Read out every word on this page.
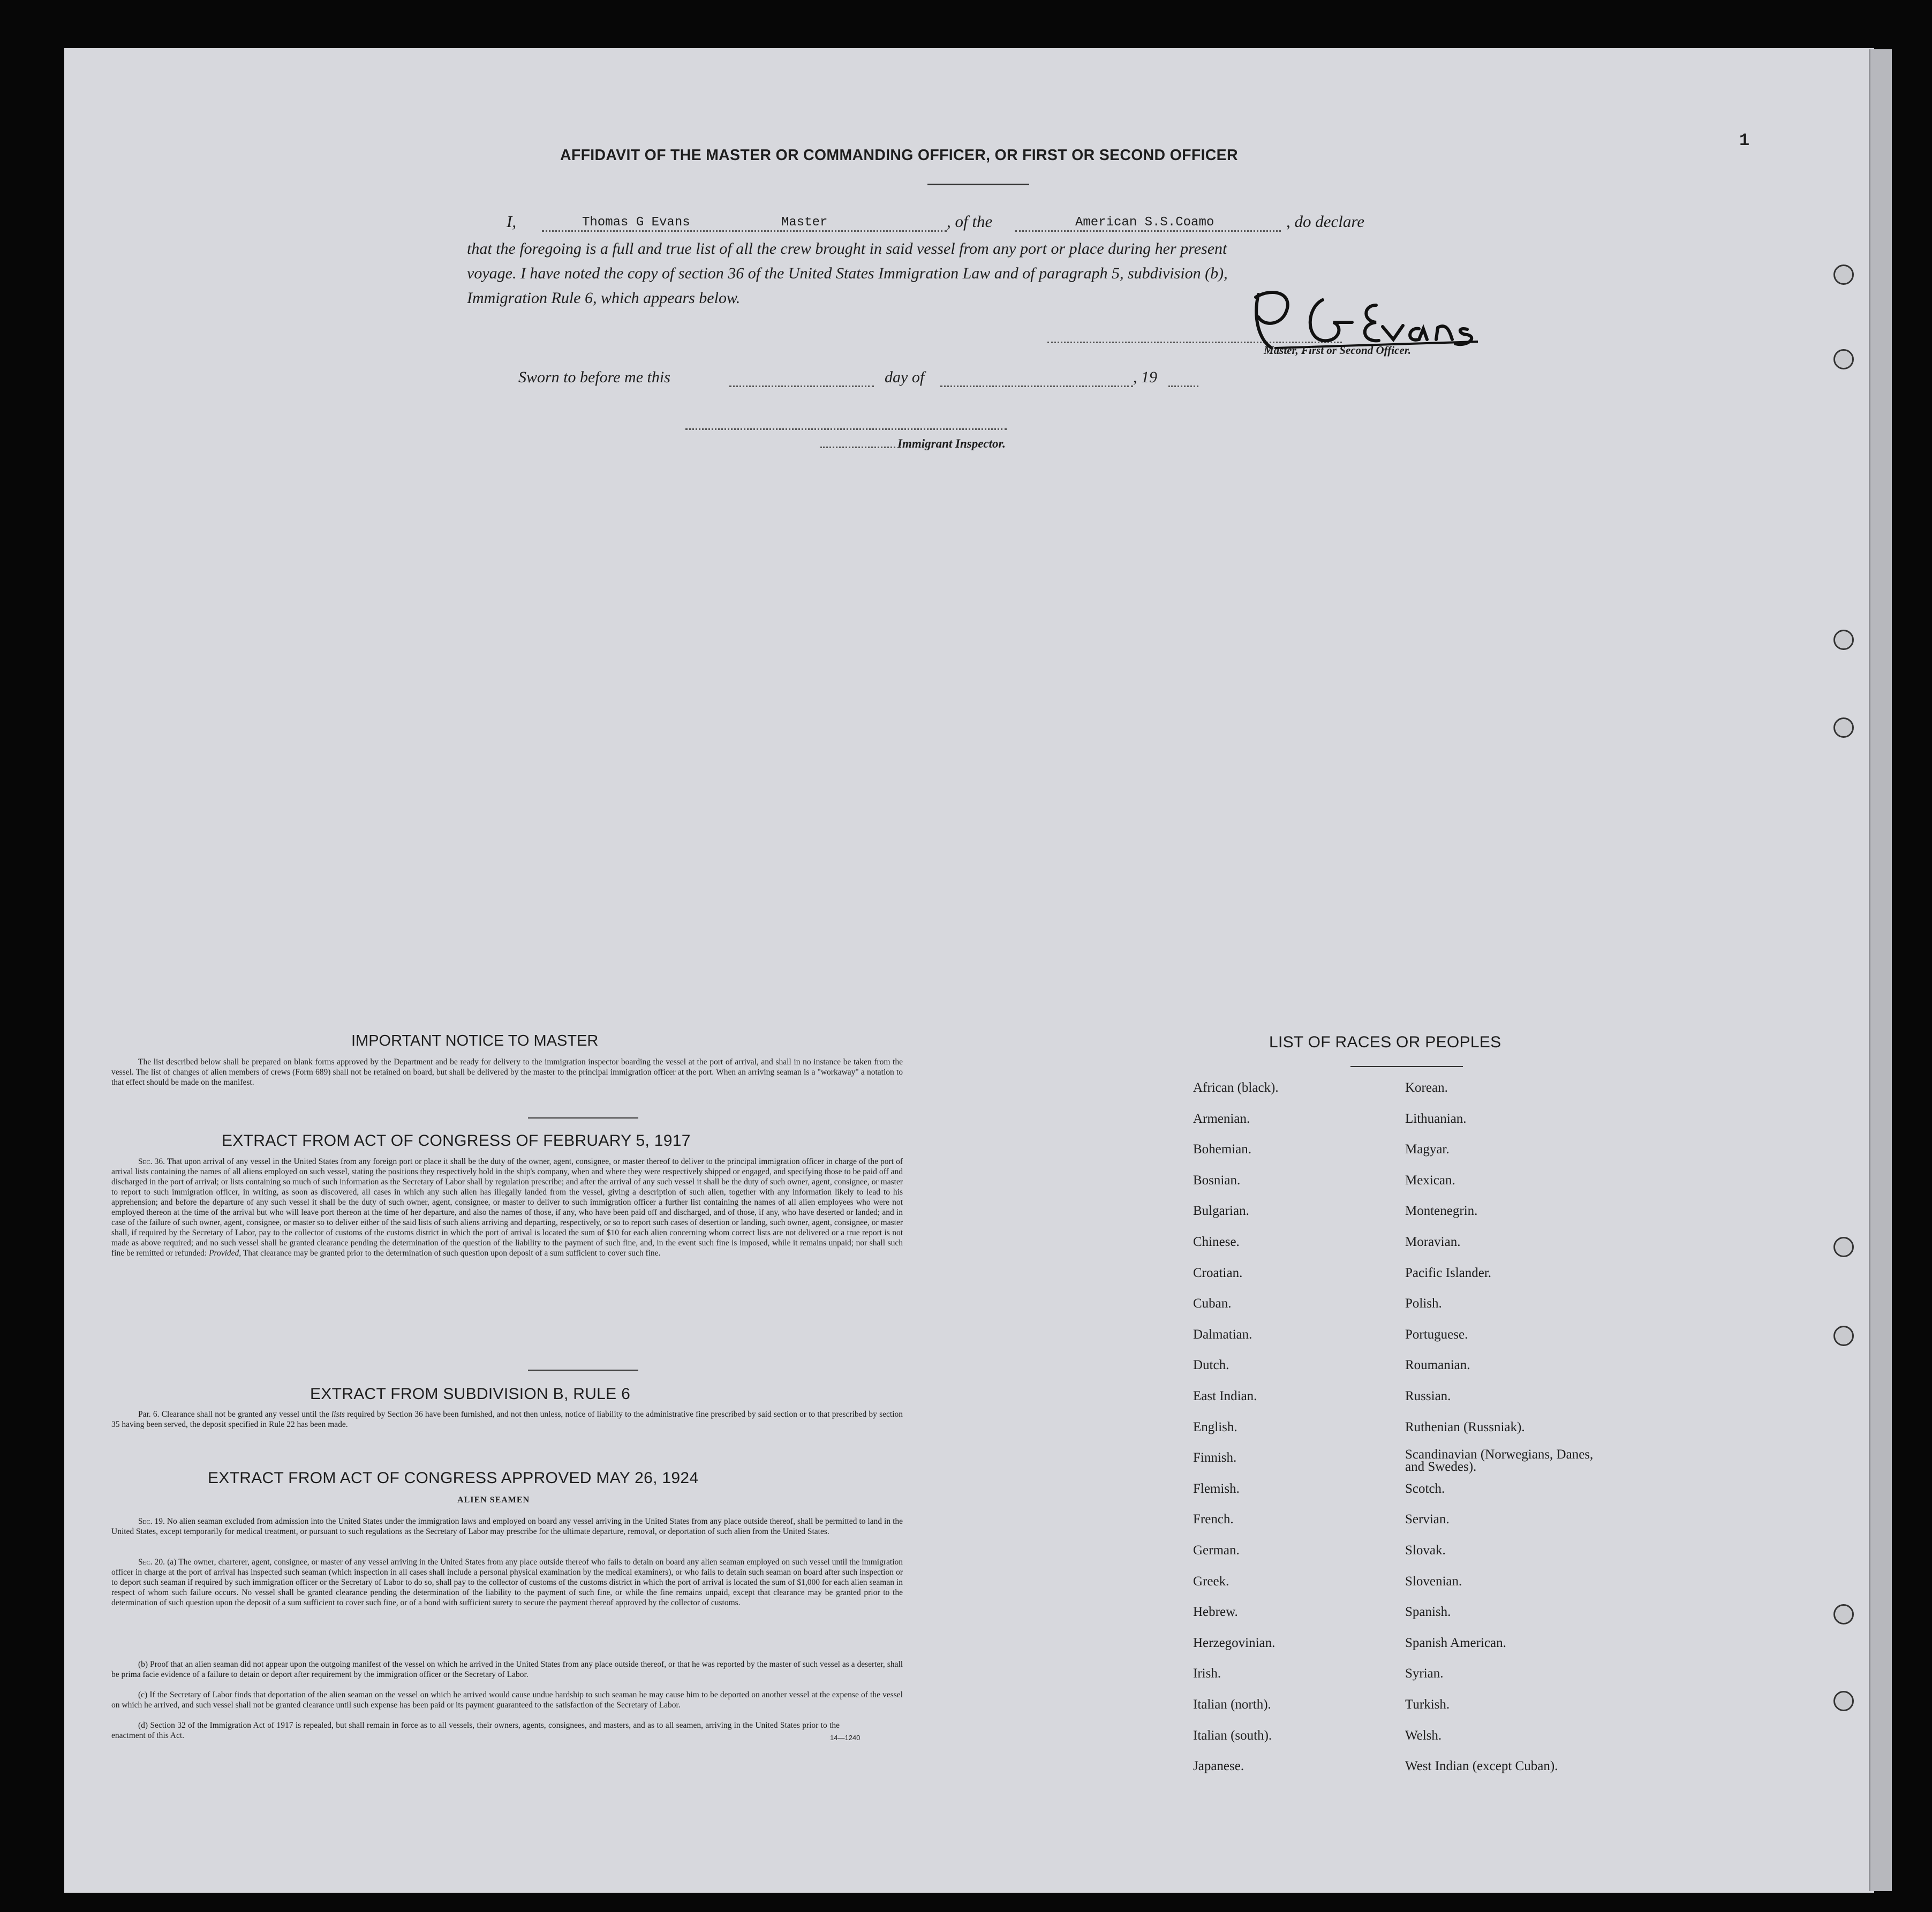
AFFIDAVIT OF THE MASTER OR COMMANDING OFFICER, OR FIRST OR SECOND OFFICER
1
I,	Thomas G Evans	Master	, of the	American S.S.Coamo	, do declare
that the foregoing is a full and true list of all the crew brought in said vessel from any port or place during her present
voyage. I have noted the copy of section 36 of the United States Immigration Law and of paragraph 5, subdivision (b),
Immigration Rule 6, which appears below.
Master, First or Second Officer.
Sworn to before me this	day of	, 19
Immigrant Inspector.
IMPORTANT NOTICE TO MASTER
The list described below shall be prepared on blank forms approved by the Department and be ready for delivery to the immigration inspector boarding the vessel at the port of arrival, and shall in no instance be taken from the vessel. The list of changes of alien members of crews (Form 689) shall not be retained on board, but shall be delivered by the master to the principal immigration officer at the port. When an arriving seaman is a "workaway" a notation to that effect should be made on the manifest.
EXTRACT FROM ACT OF CONGRESS OF FEBRUARY 5, 1917
Sec. 36. That upon arrival of any vessel in the United States from any foreign port or place it shall be the duty of the owner, agent, consignee, or master thereof to deliver to the principal immigration officer in charge of the port of arrival lists containing the names of all aliens employed on such vessel, stating the positions they respectively hold in the ship's company, when and where they were respectively shipped or engaged, and specifying those to be paid off and discharged in the port of arrival; or lists containing so much of such information as the Secretary of Labor shall by regulation prescribe; and after the arrival of any such vessel it shall be the duty of such owner, agent, consignee, or master to report to such immigration officer, in writing, as soon as discovered, all cases in which any such alien has illegally landed from the vessel, giving a description of such alien, together with any information likely to lead to his apprehension; and before the departure of any such vessel it shall be the duty of such owner, agent, consignee, or master to deliver to such immigration officer a further list containing the names of all alien employees who were not employed thereon at the time of the arrival but who will leave port thereon at the time of her departure, and also the names of those, if any, who have been paid off and discharged, and of those, if any, who have deserted or landed; and in case of the failure of such owner, agent, consignee, or master so to deliver either of the said lists of such aliens arriving and departing, respectively, or so to report such cases of desertion or landing, such owner, agent, consignee, or master shall, if required by the Secretary of Labor, pay to the collector of customs of the customs district in which the port of arrival is located the sum of $10 for each alien concerning whom correct lists are not delivered or a true report is not made as above required; and no such vessel shall be granted clearance pending the determination of the question of the liability to the payment of such fine, and, in the event such fine is imposed, while it remains unpaid; nor shall such fine be remitted or refunded: Provided, That clearance may be granted prior to the determination of such question upon deposit of a sum sufficient to cover such fine.
EXTRACT FROM SUBDIVISION B, RULE 6
Par. 6. Clearance shall not be granted any vessel until the lists required by Section 36 have been furnished, and not then unless, notice of liability to the administrative fine prescribed by said section or to that prescribed by section 35 having been served, the deposit specified in Rule 22 has been made.
EXTRACT FROM ACT OF CONGRESS APPROVED MAY 26, 1924
ALIEN SEAMEN
Sec. 19. No alien seaman excluded from admission into the United States under the immigration laws and employed on board any vessel arriving in the United States from any place outside thereof, shall be permitted to land in the United States, except temporarily for medical treatment, or pursuant to such regulations as the Secretary of Labor may prescribe for the ultimate departure, removal, or deportation of such alien from the United States.
Sec. 20. (a) The owner, charterer, agent, consignee, or master of any vessel arriving in the United States from any place outside thereof who fails to detain on board any alien seaman employed on such vessel until the immigration officer in charge at the port of arrival has inspected such seaman (which inspection in all cases shall include a personal physical examination by the medical examiners), or who fails to detain such seaman on board after such inspection or to deport such seaman if required by such immigration officer or the Secretary of Labor to do so, shall pay to the collector of customs of the customs district in which the port of arrival is located the sum of $1,000 for each alien seaman in respect of whom such failure occurs. No vessel shall be granted clearance pending the determination of the liability to the payment of such fine, or while the fine remains unpaid, except that clearance may be granted prior to the determination of such question upon the deposit of a sum sufficient to cover such fine, or of a bond with sufficient surety to secure the payment thereof approved by the collector of customs.
(b) Proof that an alien seaman did not appear upon the outgoing manifest of the vessel on which he arrived in the United States from any place outside thereof, or that he was reported by the master of such vessel as a deserter, shall be prima facie evidence of a failure to detain or deport after requirement by the immigration officer or the Secretary of Labor.
(c) If the Secretary of Labor finds that deportation of the alien seaman on the vessel on which he arrived would cause undue hardship to such seaman he may cause him to be deported on another vessel at the expense of the vessel on which he arrived, and such vessel shall not be granted clearance until such expense has been paid or its payment guaranteed to the satisfaction of the Secretary of Labor.
(d) Section 32 of the Immigration Act of 1917 is repealed, but shall remain in force as to all vessels, their owners, agents, consignees, and masters, and as to all seamen, arriving in the United States prior to the enactment of this Act.	14—1240
LIST OF RACES OR PEOPLES
African (black).
Armenian.
Bohemian.
Bosnian.
Bulgarian.
Chinese.
Croatian.
Cuban.
Dalmatian.
Dutch.
East Indian.
English.
Finnish.
Flemish.
French.
German.
Greek.
Hebrew.
Herzegovinian.
Irish.
Italian (north).
Italian (south).
Japanese.
Korean.
Lithuanian.
Magyar.
Mexican.
Montenegrin.
Moravian.
Pacific Islander.
Polish.
Portuguese.
Roumanian.
Russian.
Ruthenian (Russniak).
Scandinavian (Norwegians, Danes, and Swedes).
Scotch.
Servian.
Slovak.
Slovenian.
Spanish.
Spanish American.
Syrian.
Turkish.
Welsh.
West Indian (except Cuban).
